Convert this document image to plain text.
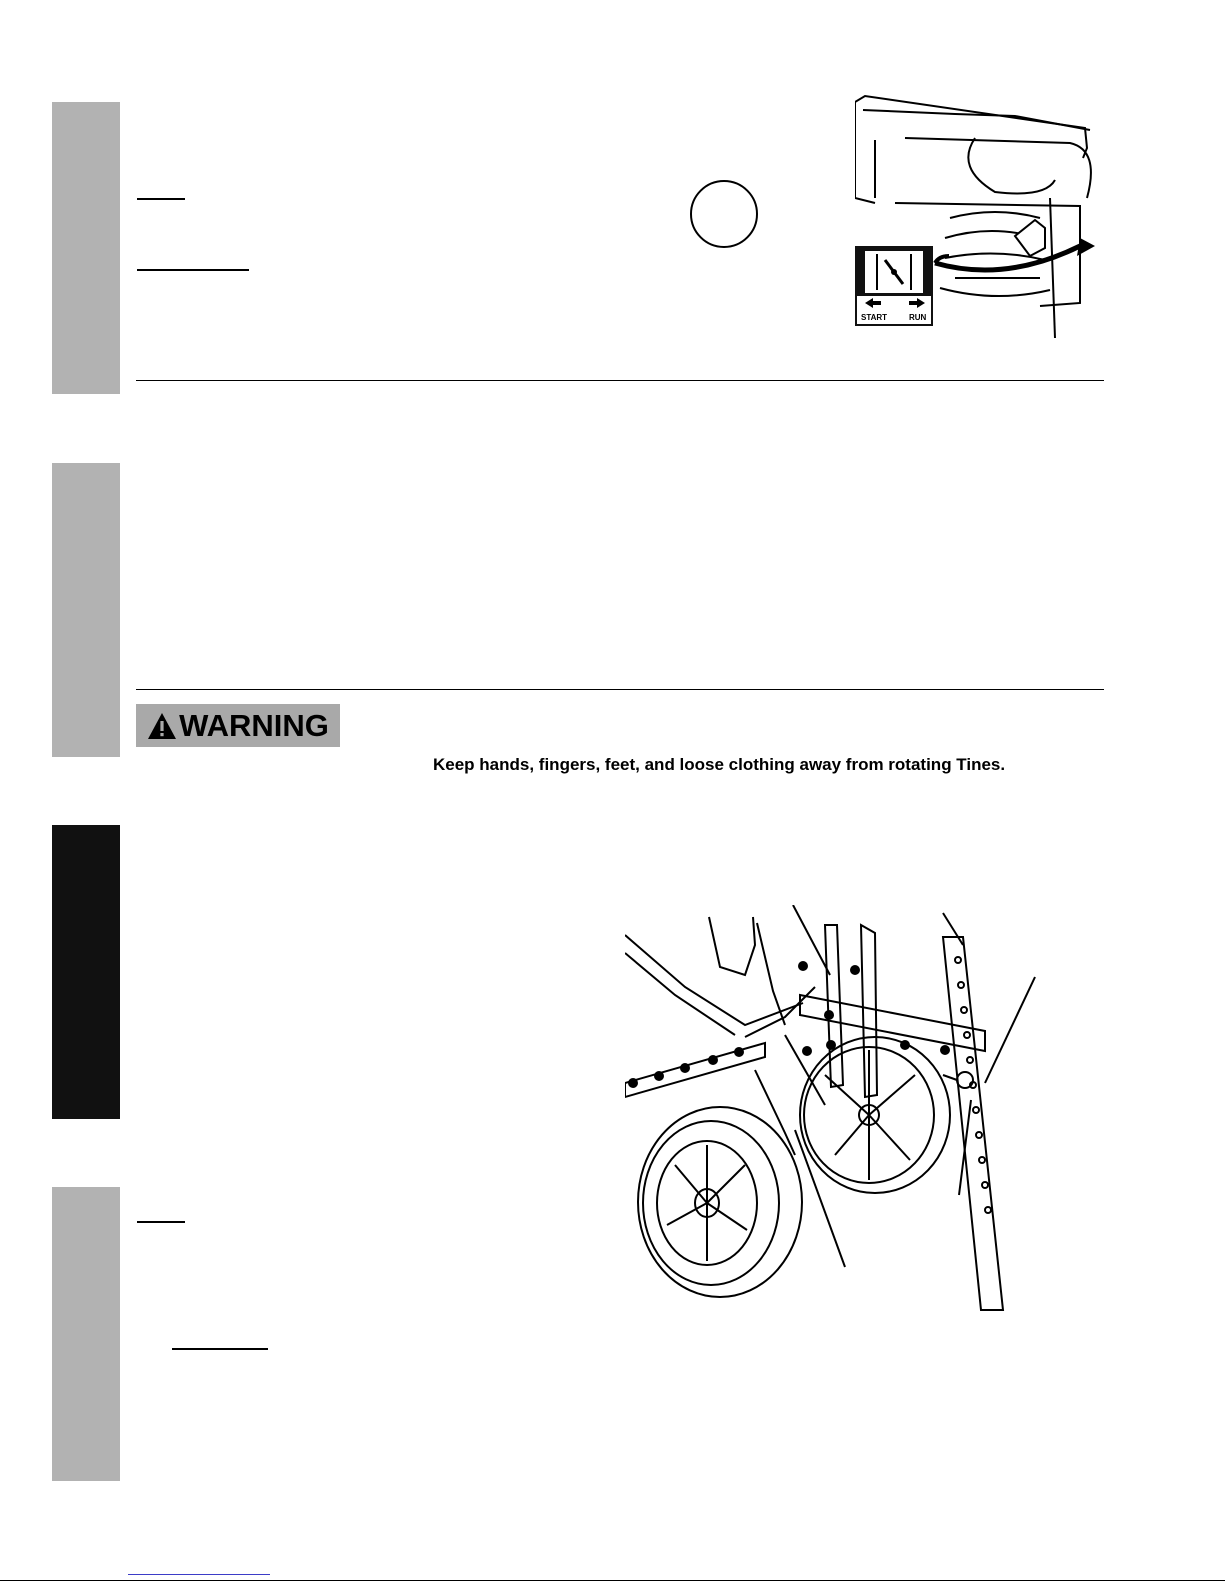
START	RUN
WARNING
Keep hands, fingers, feet, and loose clothing away from rotating Tines.
